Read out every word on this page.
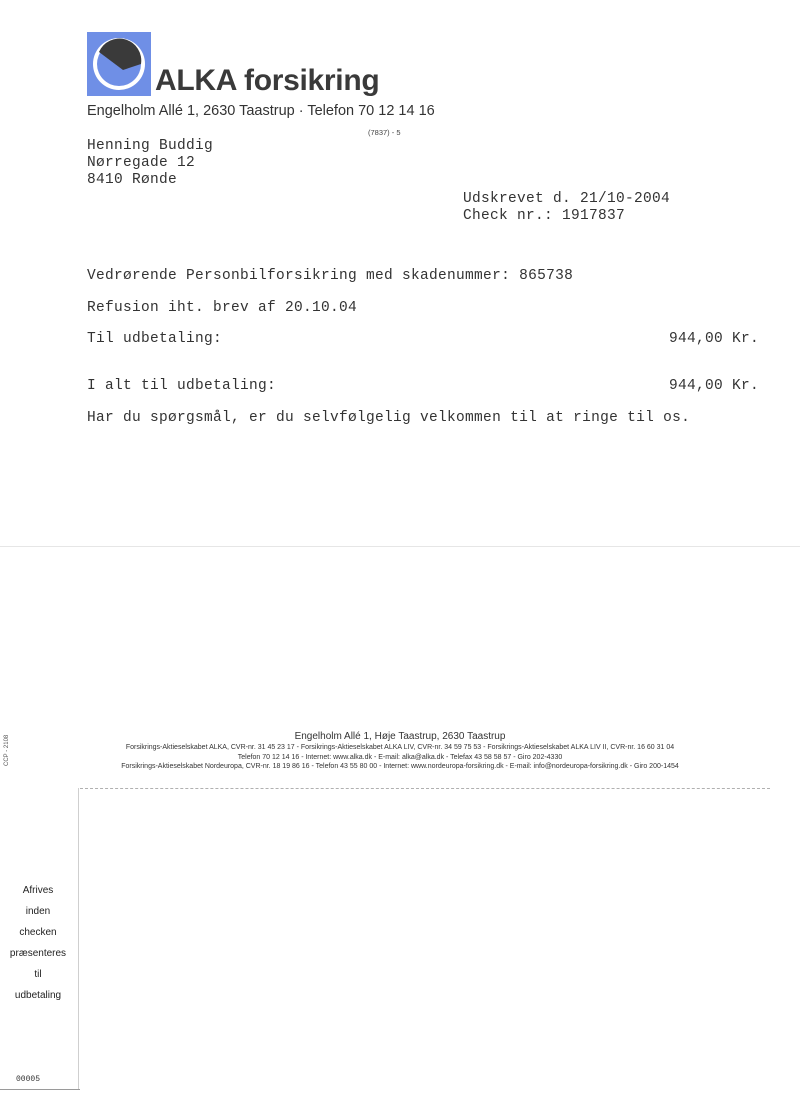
ALKA forsikring
Engelholm Allé 1, 2630 Taastrup · Telefon 70 12 14 16
(7837) - 5
Henning Buddig
Nørregade 12
8410 Rønde
Udskrevet d. 21/10-2004
Check nr.: 1917837
Vedrørende Personbilforsikring med skadenummer: 865738
Refusion iht. brev af 20.10.04
Til udbetaling:	944,00 Kr.
I alt til udbetaling:	944,00 Kr.
Har du spørgsmål, er du selvfølgelig velkommen til at ringe til os.
CCP - 2108	Engelholm Allé 1, Høje Taastrup, 2630 Taastrup
Forsikrings-Aktieselskabet ALKA, CVR-nr. 31 45 23 17 - Forsikrings-Aktieselskabet ALKA LIV, CVR-nr. 34 59 75 53 - Forsikrings-Aktieselskabet ALKA LIV II, CVR-nr. 16 60 31 04
Telefon 70 12 14 16 - Internet: www.alka.dk - E-mail: alka@alka.dk - Telefax 43 58 58 57 - Giro 202-4330
Forsikrings-Aktieselskabet Nordeuropa, CVR-nr. 18 19 86 16 - Telefon 43 55 80 00 - Internet: www.nordeuropa-forsikring.dk - E-mail: info@nordeuropa-forsikring.dk - Giro 200-1454
Afrives
inden
checken
præsenteres
til
udbetaling
00005
